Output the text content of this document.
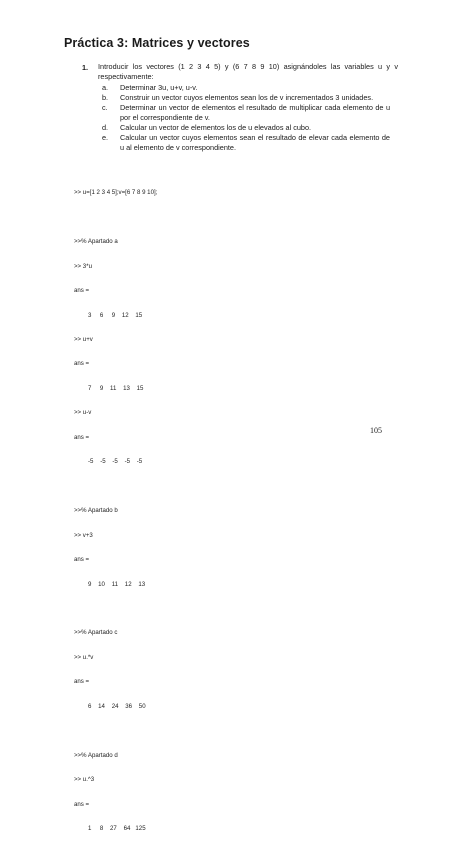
Práctica 3: Matrices y vectores
1. Introducir los vectores (1 2 3 4 5) y (6 7 8 9 10) asignándoles las variables u y v respectivamente:
a. Determinar 3u, u+v, u-v.
b. Construir un vector cuyos elementos sean los de v incrementados 3 unidades.
c. Determinar un vector de elementos el resultado de multiplicar cada elemento de u por el correspondiente de v.
d. Calcular un vector de elementos los de u elevados al cubo.
e. Calcular un vector cuyos elementos sean el resultado de elevar cada elemento de u al elemento de v correspondiente.

>> u=[1 2 3 4 5];v=[6 7 8 9 10];

>>% Apartado a

>> 3*u

ans =

3     6     9    12    15

>> u+v

ans =

7     9    11    13    15

>> u-v

ans =

-5    -5    -5    -5    -5

>>% Apartado b

>> v+3

ans =

9    10    11    12    13

>>% Apartado c

>> u.*v

ans =

6    14    24    36    50

>>% Apartado d

>> u.^3

ans =

1     8    27    64   125

105
